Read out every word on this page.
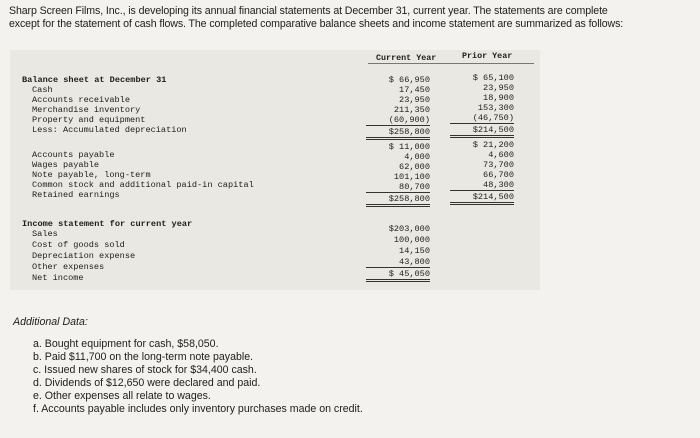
Sharp Screen Films, Inc., is developing its annual financial statements at December 31, current year. The statements are complete
except for the statement of cash flows. The completed comparative balance sheets and income statement are summarized as follows:
Current Year	Prior Year
Balance sheet at December 31
Cash
Accounts receivable
Merchandise inventory
Property and equipment
Less: Accumulated depreciation
$ 66,950
17,450
23,950
211,350
(60,900)
$258,800
$ 65,100
23,950
18,900
153,300
(46,750)
$214,500
Accounts payable
Wages payable
Note payable, long-term
Common stock and additional paid-in capital
Retained earnings
$ 11,000
4,000
62,000
101,100
80,700
$258,800
$ 21,200
4,600
73,700
66,700
48,300
$214,500
Income statement for current year
Sales
Cost of goods sold
Depreciation expense
Other expenses
Net income
$203,000
100,000
14,150
43,800
$ 45,050
Additional Data:
a. Bought equipment for cash, $58,050.
b. Paid $11,700 on the long-term note payable.
c. Issued new shares of stock for $34,400 cash.
d. Dividends of $12,650 were declared and paid.
e. Other expenses all relate to wages.
f. Accounts payable includes only inventory purchases made on credit.
